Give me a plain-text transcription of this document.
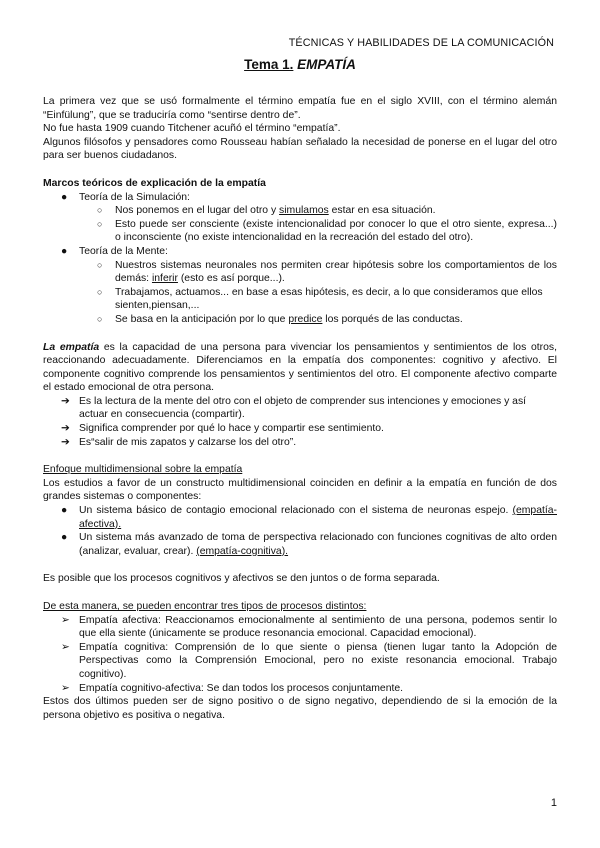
TÉCNICAS Y HABILIDADES DE LA COMUNICACIÓN
Tema 1. EMPATÍA

La primera vez que se usó formalmente el término empatía fue en el siglo XVIII, con el término alemán “Einfülung”, que se traduciría como “sentirse dentro de”.

No fue hasta 1909 cuando Titchener acuñó el término “empatía”.

Algunos filósofos y pensadores como Rousseau habían señalado la necesidad de ponerse en el lugar del otro para ser buenos ciudadanos.

Marcos teóricos de explicación de la empatía

● Teoría de la Simulación:
○ Nos ponemos en el lugar del otro y simulamos estar en esa situación.
○ Esto puede ser consciente (existe intencionalidad por conocer lo que el otro siente, expresa...) o inconsciente (no existe intencionalidad en la recreación del estado del otro).
● Teoría de la Mente:
○ Nuestros sistemas neuronales nos permiten crear hipótesis sobre los comportamientos de los demás: inferir (esto es así porque...).
○ Trabajamos, actuamos... en base a esas hipótesis, es decir, a lo que consideramos que ellos sienten,piensan,...
○ Se basa en la anticipación por lo que predice los porqués de las conductas.

La empatía es la capacidad de una persona para vivenciar los pensamientos y sentimientos de los otros, reaccionando adecuadamente. Diferenciamos en la empatía dos componentes: cognitivo y afectivo. El componente cognitivo comprende los pensamientos y sentimientos del otro. El componente afectivo comparte el estado emocional de otra persona.

➔ Es la lectura de la mente del otro con el objeto de comprender sus intenciones y emociones y así actuar en consecuencia (compartir).
➔ Significa comprender por qué lo hace y compartir ese sentimiento.
➔ Es“salir de mis zapatos y calzarse los del otro”.

Enfoque multidimensional sobre la empatía

Los estudios a favor de un constructo multidimensional coinciden en definir a la empatía en función de dos grandes sistemas o componentes:

● Un sistema básico de contagio emocional relacionado con el sistema de neuronas espejo. (empatía-afectiva).
● Un sistema más avanzado de toma de perspectiva relacionado con funciones cognitivas de alto orden (analizar, evaluar, crear). (empatía-cognitiva).

Es posible que los procesos cognitivos y afectivos se den juntos o de forma separada.

De esta manera, se pueden encontrar tres tipos de procesos distintos:

➢ Empatía afectiva: Reaccionamos emocionalmente al sentimiento de una persona, podemos sentir lo que ella siente (únicamente se produce resonancia emocional. Capacidad emocional).
➢ Empatía cognitiva: Comprensión de lo que siente o piensa (tienen lugar tanto la Adopción de Perspectivas como la Comprensión Emocional, pero no existe resonancia emocional. Trabajo cognitivo).
➢ Empatía cognitivo-afectiva: Se dan todos los procesos conjuntamente.

Estos dos últimos pueden ser de signo positivo o de signo negativo, dependiendo de si la emoción de la persona objetivo es positiva o negativa.

1
